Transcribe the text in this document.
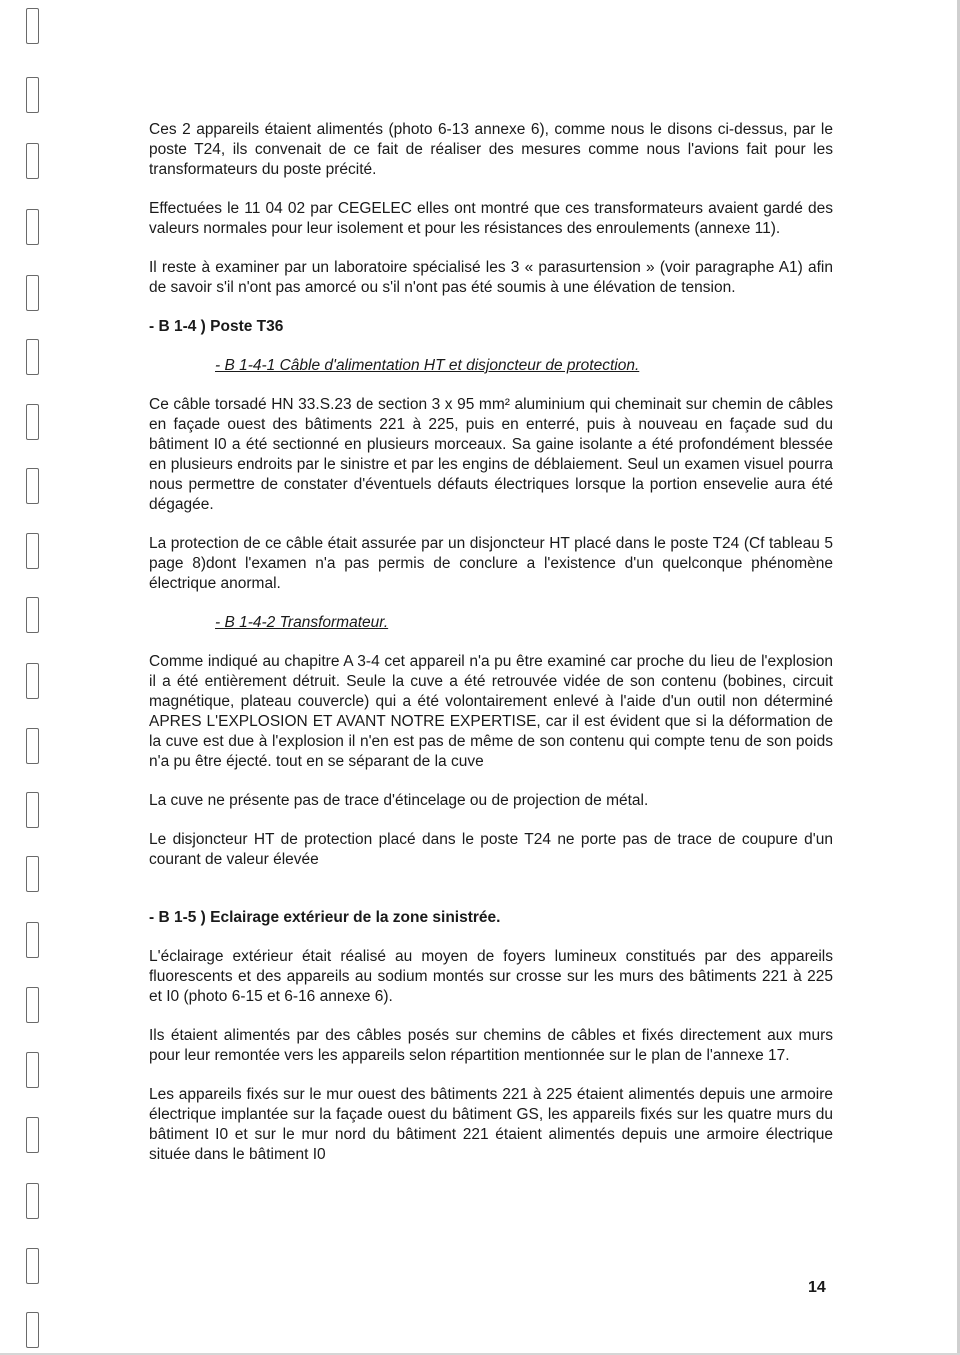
Ces 2 appareils étaient alimentés (photo 6-13 annexe 6), comme nous le disons ci-dessus, par le poste T24, ils convenait de ce fait de réaliser des mesures comme nous l'avions fait pour les transformateurs du poste précité.

Effectuées le 11 04 02 par CEGELEC elles ont montré que ces transformateurs avaient gardé des valeurs normales pour leur isolement et pour les résistances des enroulements (annexe 11).

Il reste à examiner par un laboratoire spécialisé les 3 « parasurtension » (voir paragraphe A1) afin de savoir s'il n'ont pas amorcé ou s'il n'ont pas été soumis à une élévation de tension.

- B 1-4 ) Poste T36

- B 1-4-1 Câble d'alimentation HT et disjoncteur de protection.

Ce câble torsadé HN 33.S.23 de section 3 x 95 mm² aluminium qui cheminait sur chemin de câbles en façade ouest des bâtiments 221 à 225, puis en enterré, puis à nouveau en façade sud du bâtiment I0 a été sectionné en plusieurs morceaux. Sa gaine isolante a été profondément blessée en plusieurs endroits par le sinistre et par les engins de déblaiement. Seul un examen visuel pourra nous permettre de constater d'éventuels défauts électriques lorsque la portion ensevelie aura été dégagée.

La protection de ce câble était assurée par un disjoncteur HT placé dans le poste T24 (Cf tableau 5 page 8)dont l'examen n'a pas permis de conclure a l'existence d'un quelconque phénomène électrique anormal.

- B 1-4-2 Transformateur.

Comme indiqué au chapitre A 3-4 cet appareil n'a pu être examiné car proche du lieu de l'explosion il a été entièrement détruit. Seule la cuve a été retrouvée vidée de son contenu (bobines, circuit magnétique, plateau couvercle) qui a été volontairement enlevé à l'aide d'un outil non déterminé APRES L'EXPLOSION ET AVANT NOTRE EXPERTISE, car il est évident que si la déformation de la cuve est due à l'explosion il n'en est pas de même de son contenu qui compte tenu de son poids n'a pu être éjecté. tout en se séparant de la cuve

La cuve ne présente pas de trace d'étincelage ou de projection de métal.

Le disjoncteur HT de protection placé dans le poste T24 ne porte pas de trace de coupure d'un courant de valeur élevée

- B 1-5 ) Eclairage extérieur de la zone sinistrée.

L'éclairage extérieur était réalisé au moyen de foyers lumineux constitués par des appareils fluorescents et des appareils au sodium montés sur crosse sur les murs des bâtiments 221 à 225 et I0 (photo 6-15 et 6-16 annexe 6).

Ils étaient alimentés par des câbles posés sur chemins de câbles et fixés directement aux murs pour leur remontée vers les appareils selon répartition mentionnée sur le plan de l'annexe 17.

Les appareils fixés sur le mur ouest des bâtiments 221 à 225 étaient alimentés depuis une armoire électrique implantée sur la façade ouest du bâtiment GS, les appareils fixés sur les quatre murs du bâtiment I0 et sur le mur nord du bâtiment 221 étaient alimentés depuis une armoire électrique située dans le bâtiment I0

14
